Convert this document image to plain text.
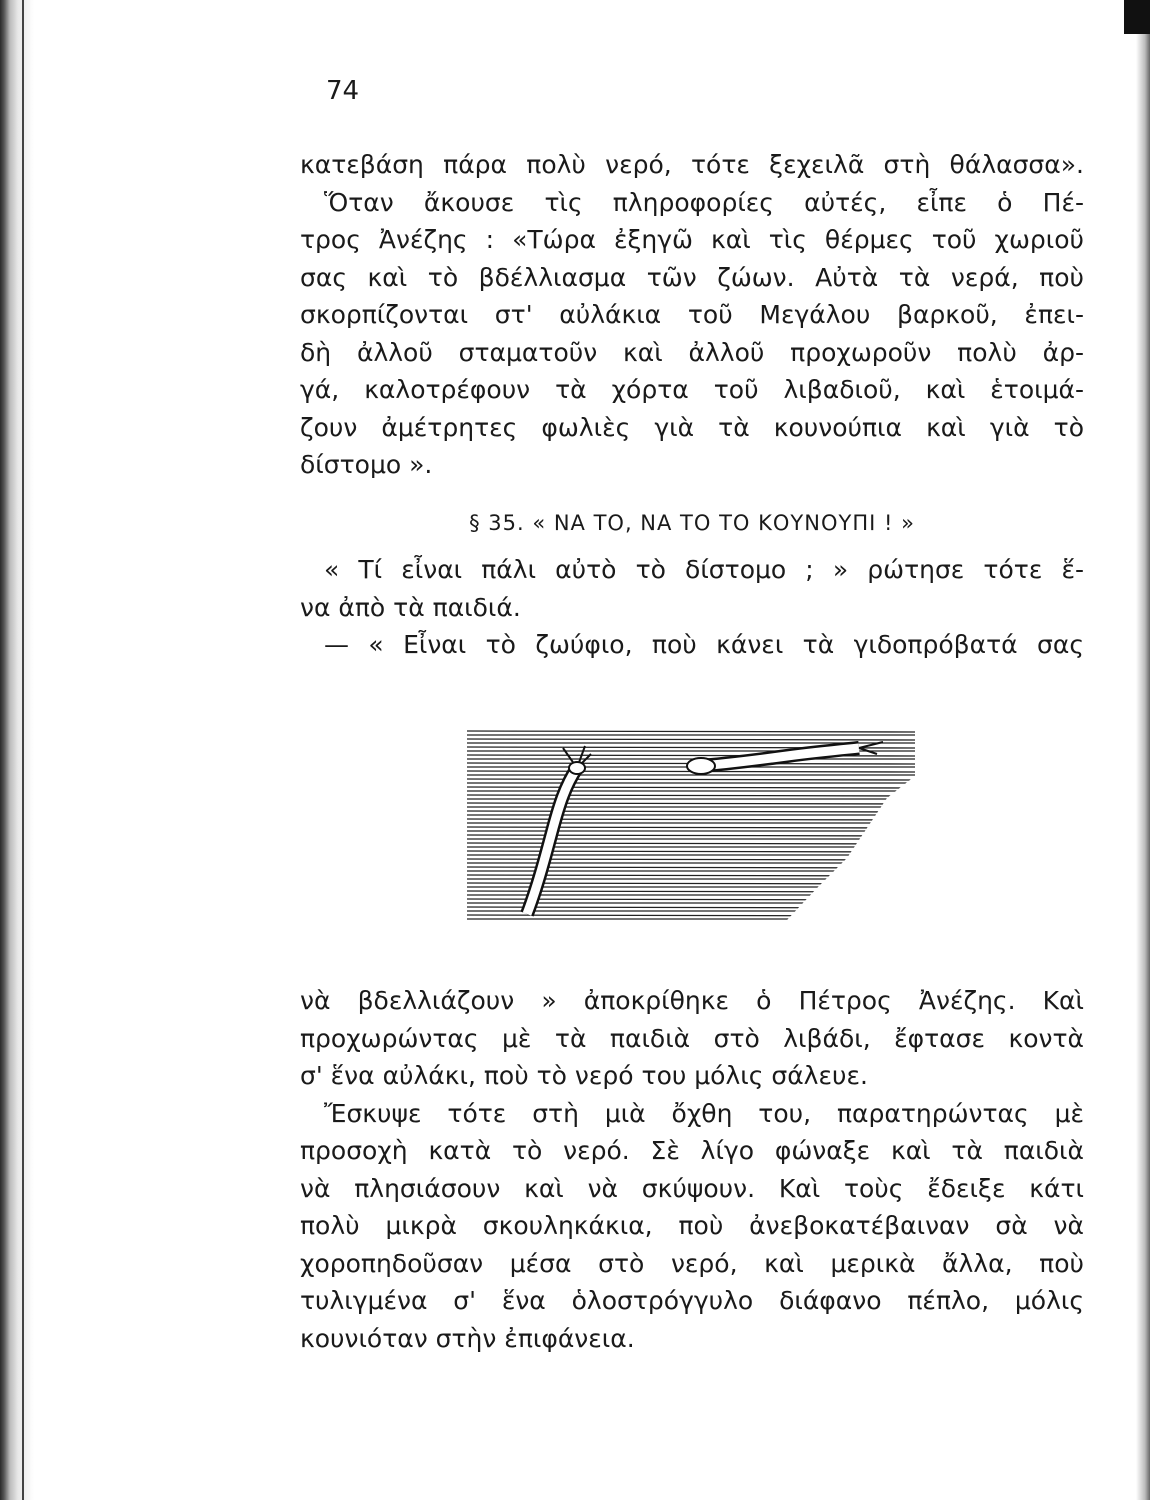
74
κατεβάση πάρα πολὺ νερό, τότε ξεχειλᾶ στὴ θάλασσα».
Ὅταν ἄκουσε τὶς πληροφορίες αὐτές, εἶπε ὁ Πέ-
τρος Ἀνέζης : «Τώρα ἐξηγῶ καὶ τὶς θέρμες τοῦ χωριοῦ
σας καὶ τὸ βδέλλιασμα τῶν ζώων. Αὐτὰ τὰ νερά, ποὺ
σκορπίζονται στ' αὐλάκια τοῦ Μεγάλου βαρκοῦ, ἐπει-
δὴ ἀλλοῦ σταματοῦν καὶ ἀλλοῦ προχωροῦν πολὺ ἀρ-
γά, καλοτρέφουν τὰ χόρτα τοῦ λιβαδιοῦ, καὶ ἑτοιμά-
ζουν ἀμέτρητες φωλιὲς γιὰ τὰ κουνούπια καὶ γιὰ τὸ
δίστομο ».
§ 35. « ΝΑ ΤΟ, ΝΑ ΤΟ ΤΟ ΚΟΥΝΟΥΠΙ ! »
« Τί εἶναι πάλι αὐτὸ τὸ δίστομο ; » ρώτησε τότε ἕ-
να ἀπὸ τὰ παιδιά.
— « Εἶναι τὸ ζωύφιο, ποὺ κάνει τὰ γιδοπρόβατά σας
νὰ βδελλιάζουν » ἀποκρίθηκε ὁ Πέτρος Ἀνέζης. Καὶ
προχωρώντας μὲ τὰ παιδιὰ στὸ λιβάδι, ἔφτασε κοντὰ
σ' ἕνα αὐλάκι, ποὺ τὸ νερό του μόλις σάλευε.
Ἔσκυψε τότε στὴ μιὰ ὄχθη του, παρατηρώντας μὲ
προσοχὴ κατὰ τὸ νερό. Σὲ λίγο φώναξε καὶ τὰ παιδιὰ
νὰ πλησιάσουν καὶ νὰ σκύψουν. Καὶ τοὺς ἔδειξε κάτι
πολὺ μικρὰ σκουληκάκια, ποὺ ἀνεβοκατέβαιναν σὰ νὰ
χοροπηδοῦσαν μέσα στὸ νερό, καὶ μερικὰ ἄλλα, ποὺ
τυλιγμένα σ' ἕνα ὁλοστρόγγυλο διάφανο πέπλο, μόλις
κουνιόταν στὴν ἐπιφάνεια.
